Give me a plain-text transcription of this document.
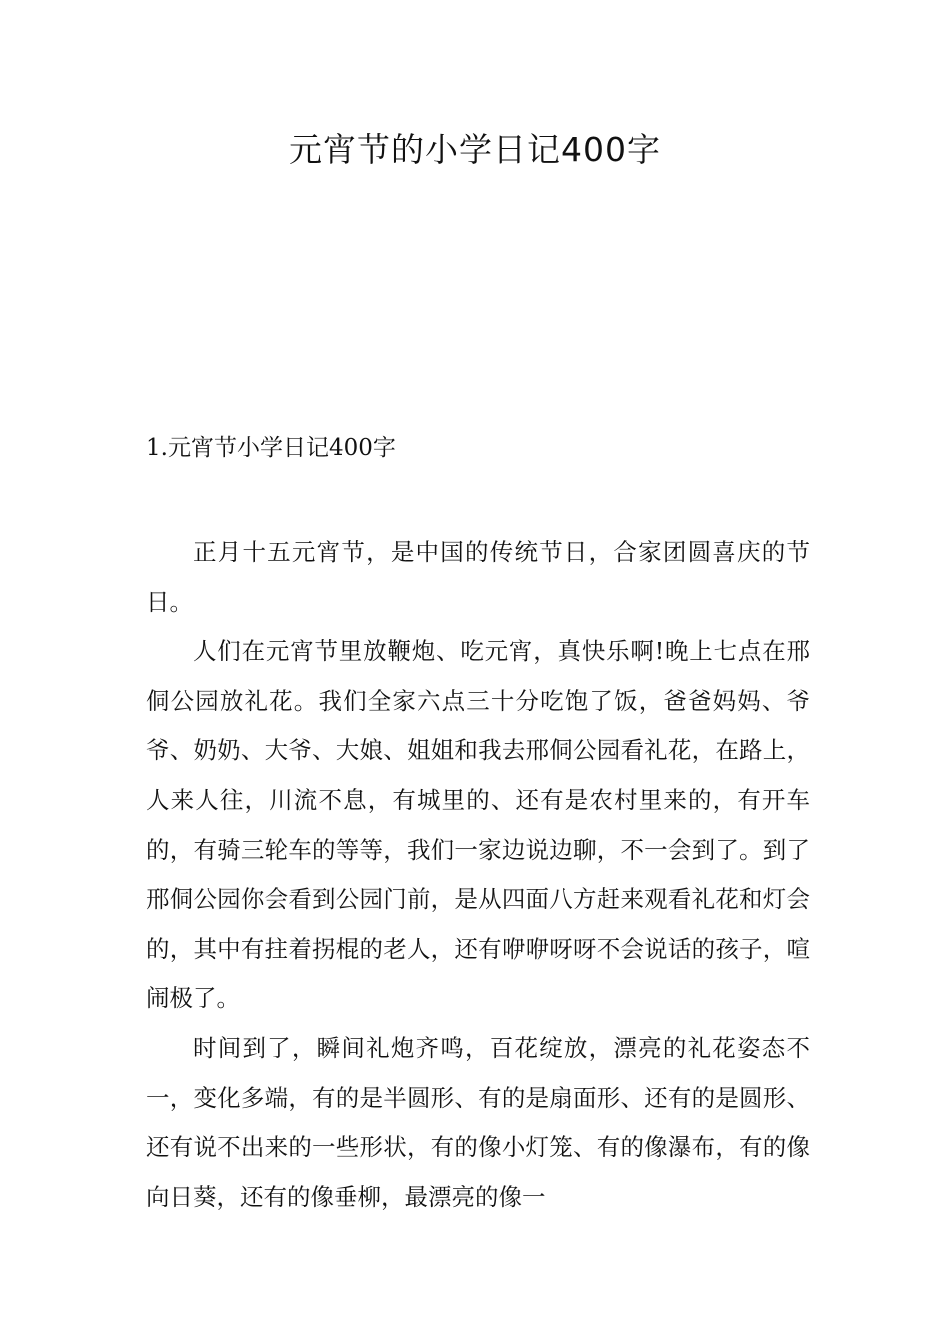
元宵节的小学日记400字
1.元宵节小学日记400字

正月十五元宵节，是中国的传统节日，合家团圆喜庆的节日。

人们在元宵节里放鞭炮、吃元宵，真快乐啊!晚上七点在邢侗公园放礼花。我们全家六点三十分吃饱了饭，爸爸妈妈、爷爷、奶奶、大爷、大娘、姐姐和我去邢侗公园看礼花，在路上，人来人往，川流不息，有城里的、还有是农村里来的，有开车的，有骑三轮车的等等，我们一家边说边聊，不一会到了。到了邢侗公园你会看到公园门前，是从四面八方赶来观看礼花和灯会的，其中有拄着拐棍的老人，还有咿咿呀呀不会说话的孩子，喧闹极了。

时间到了，瞬间礼炮齐鸣，百花绽放，漂亮的礼花姿态不一，变化多端，有的是半圆形、有的是扇面形、还有的是圆形、还有说不出来的一些形状，有的像小灯笼、有的像瀑布，有的像向日葵，还有的像垂柳，最漂亮的像一
